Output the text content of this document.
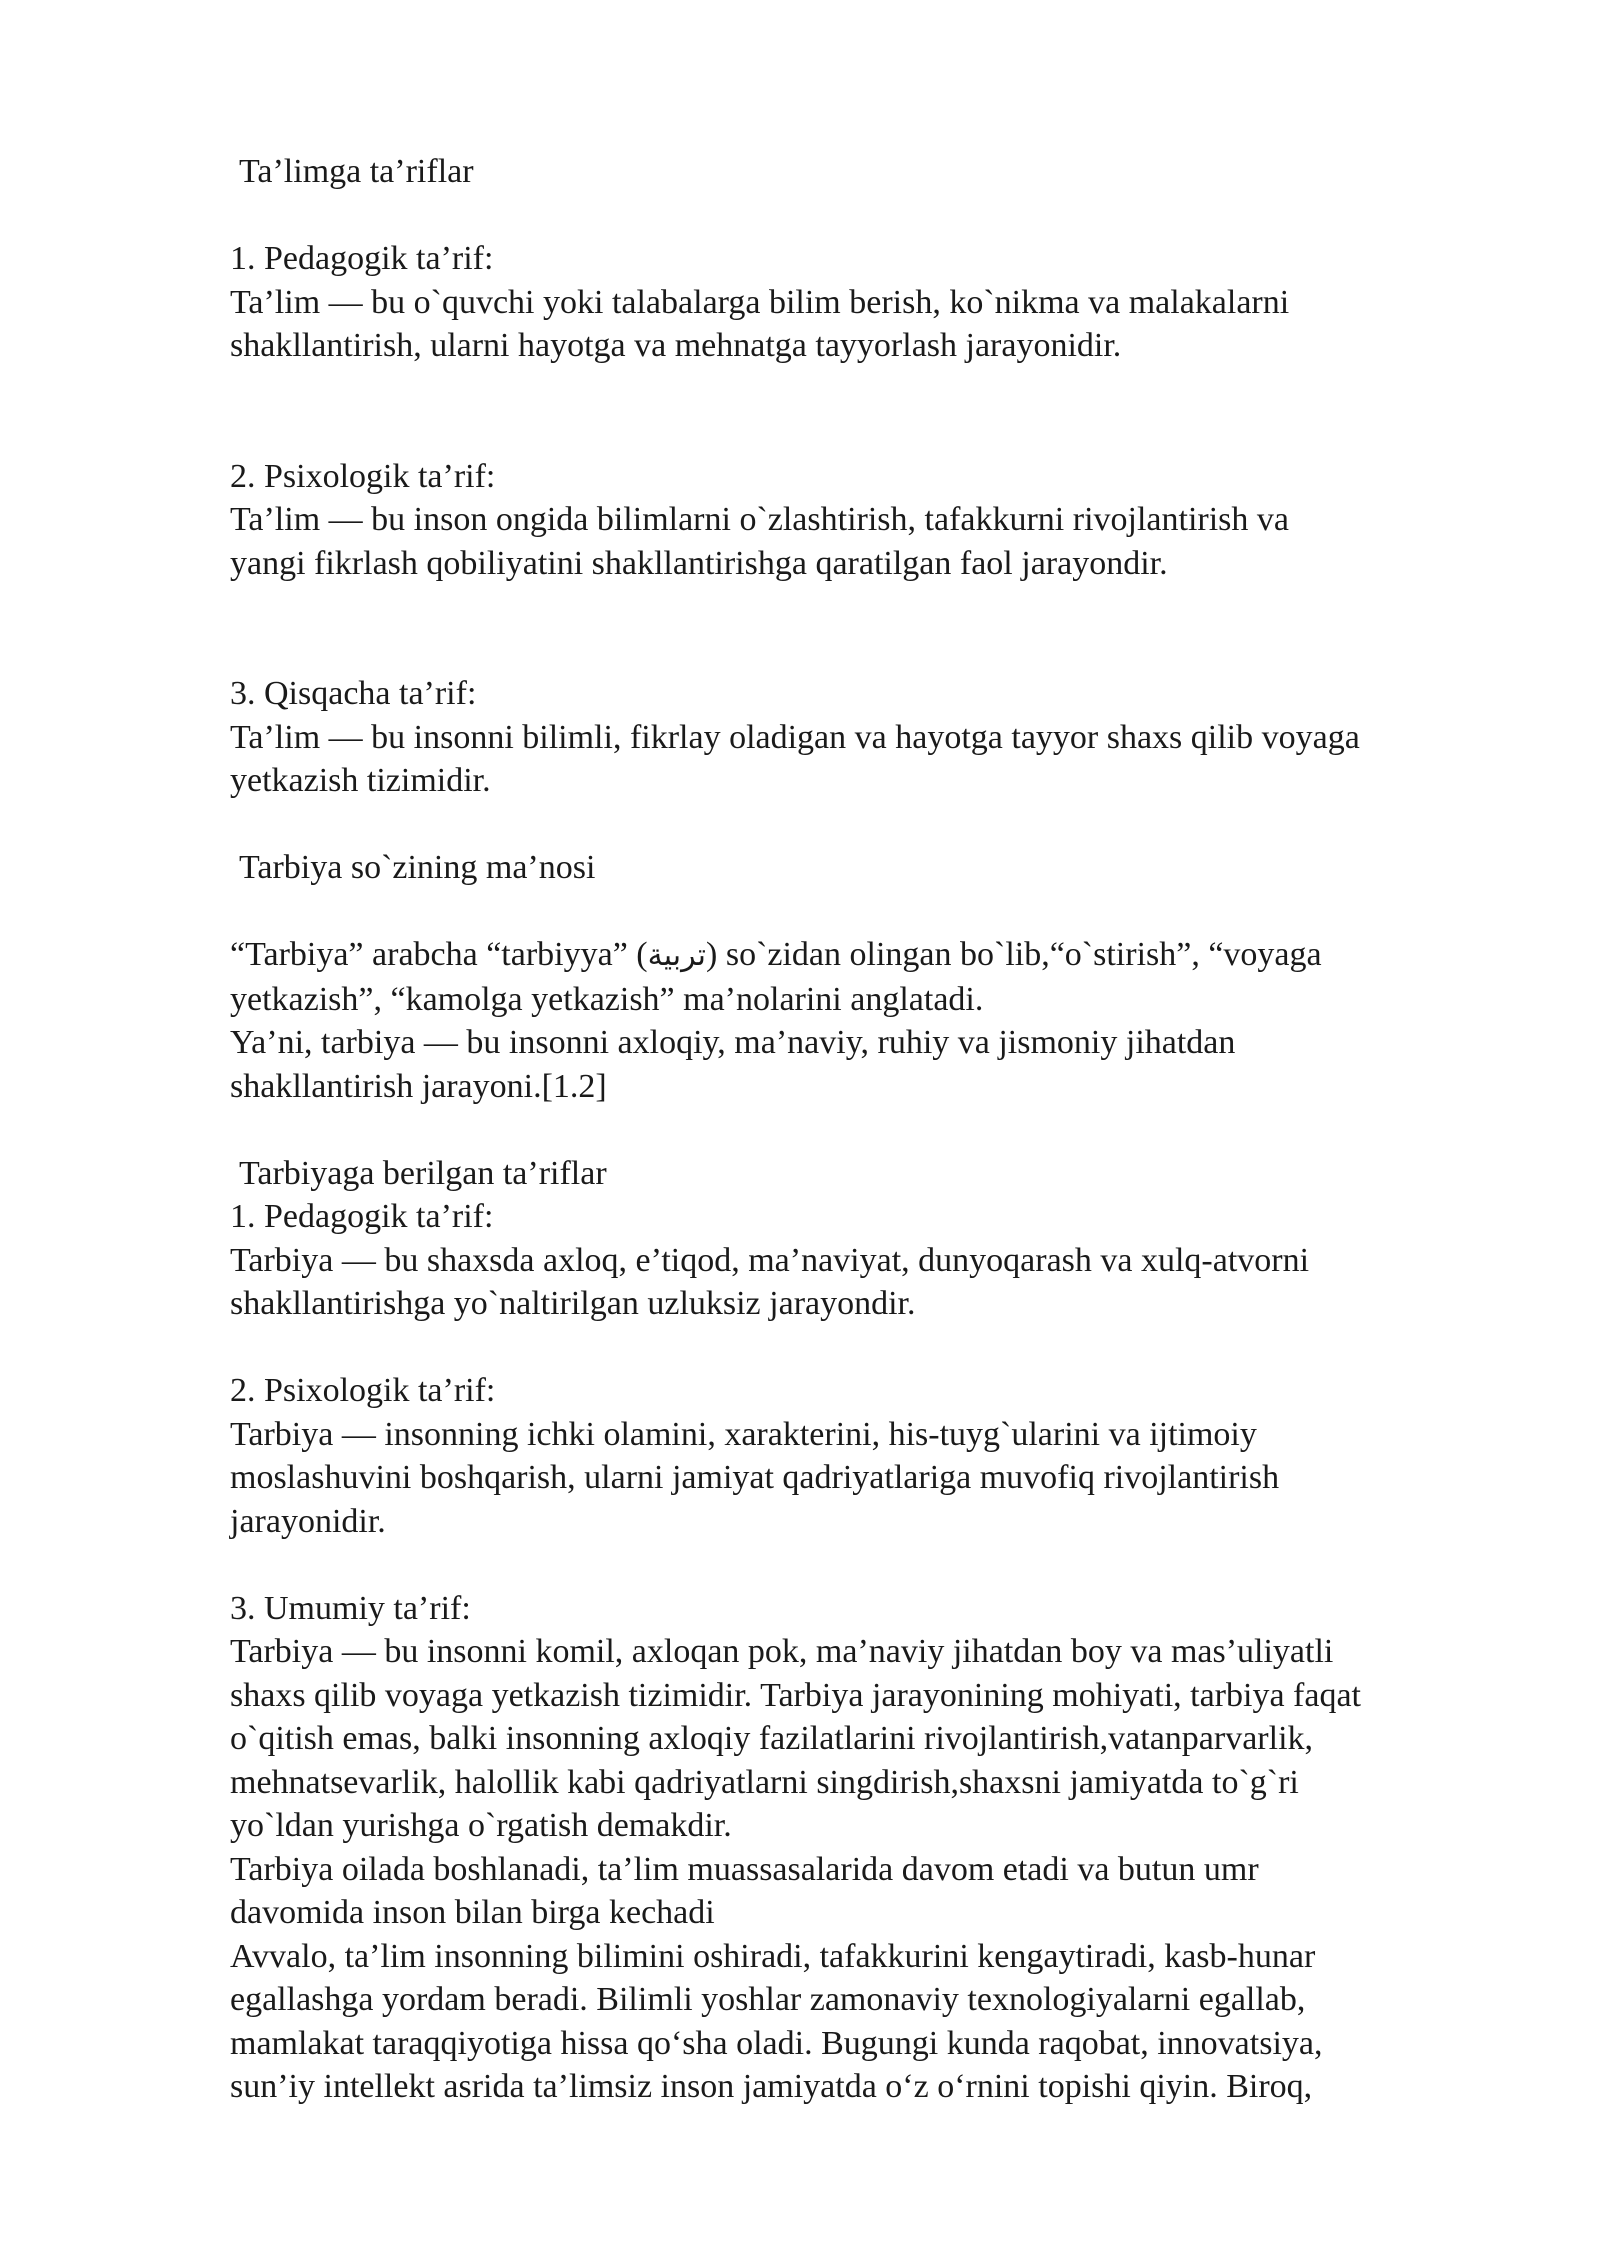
Ta’limga ta’riflar
1. Pedagogik ta’rif:
Ta’lim — bu o`quvchi yoki talabalarga bilim berish, ko`nikma va malakalarni
shakllantirish, ularni hayotga va mehnatga tayyorlash jarayonidir.
2. Psixologik ta’rif:
Ta’lim — bu inson ongida bilimlarni o`zlashtirish, tafakkurni rivojlantirish va
yangi fikrlash qobiliyatini shakllantirishga qaratilgan faol jarayondir.
3. Qisqacha ta’rif:
Ta’lim — bu insonni bilimli, fikrlay oladigan va hayotga tayyor shaxs qilib voyaga
yetkazish tizimidir.
Tarbiya so`zining ma’nosi
“Tarbiya” arabcha “tarbiyya” (تربية) so`zidan olingan bo`lib,“o`stirish”, “voyaga
yetkazish”, “kamolga yetkazish” ma’nolarini anglatadi.
Ya’ni, tarbiya — bu insonni axloqiy, ma’naviy, ruhiy va jismoniy jihatdan
shakllantirish jarayoni.[1.2]
Tarbiyaga berilgan ta’riflar
1. Pedagogik ta’rif:
Tarbiya — bu shaxsda axloq, e’tiqod, ma’naviyat, dunyoqarash va xulq-atvorni
shakllantirishga yo`naltirilgan uzluksiz jarayondir.
2. Psixologik ta’rif:
Tarbiya — insonning ichki olamini, xarakterini, his-tuyg`ularini va ijtimoiy
moslashuvini boshqarish, ularni jamiyat qadriyatlariga muvofiq rivojlantirish
jarayonidir.
3. Umumiy ta’rif:
Tarbiya — bu insonni komil, axloqan pok, ma’naviy jihatdan boy va mas’uliyatli
shaxs qilib voyaga yetkazish tizimidir. Tarbiya jarayonining mohiyati, tarbiya faqat
o`qitish emas, balki insonning axloqiy fazilatlarini rivojlantirish,vatanparvarlik,
mehnatsevarlik, halollik kabi qadriyatlarni singdirish,shaxsni jamiyatda to`g`ri
yo`ldan yurishga o`rgatish demakdir.
Tarbiya oilada boshlanadi, ta’lim muassasalarida davom etadi va butun umr
davomida inson bilan birga kechadi
Avvalo, ta’lim insonning bilimini oshiradi, tafakkurini kengaytiradi, kasb-hunar
egallashga yordam beradi. Bilimli yoshlar zamonaviy texnologiyalarni egallab,
mamlakat taraqqiyotiga hissa qo‘sha oladi. Bugungi kunda raqobat, innovatsiya,
sun’iy intellekt asrida ta’limsiz inson jamiyatda o‘z o‘rnini topishi qiyin. Biroq,
